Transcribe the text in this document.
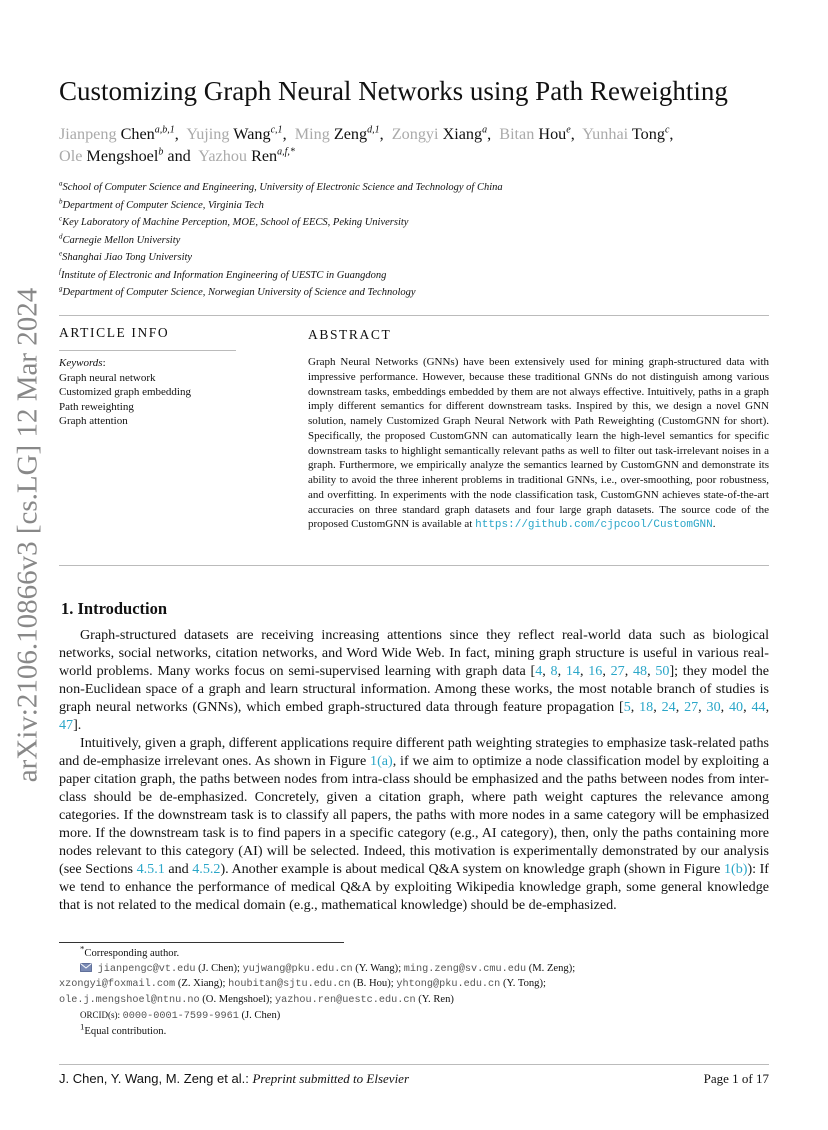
arXiv:2106.10866v3 [cs.LG] 12 Mar 2024
Customizing Graph Neural Networks using Path Reweighting
Jianpeng Chen$^{a,b,1}$, Yujing Wang$^{c,1}$, Ming Zeng$^{d,1}$, Zongyi Xiang$^a$, Bitan Hou$^e$, Yunhai Tong$^c$,
Ole Mengshoel$^b$ and Yazhou Ren$^{a,f,*}$
$^a$School of Computer Science and Engineering, University of Electronic Science and Technology of China
$^b$Department of Computer Science, Virginia Tech
$^c$Key Laboratory of Machine Perception, MOE, School of EECS, Peking University
$^d$Carnegie Mellon University
$^e$Shanghai Jiao Tong University
$^f$Institute of Electronic and Information Engineering of UESTC in Guangdong
$^g$Department of Computer Science, Norwegian University of Science and Technology
ARTICLE INFO
Keywords:
Graph neural network
Customized graph embedding
Path reweighting
Graph attention
ABSTRACT
Graph Neural Networks (GNNs) have been extensively used for mining graph-structured data with impressive performance. However, because these traditional GNNs do not distinguish among various downstream tasks, embeddings embedded by them are not always effective. Intuitively, paths in a graph imply different semantics for different downstream tasks. Inspired by this, we design a novel GNN solution, namely Customized Graph Neural Network with Path Reweighting (CustomGNN for short). Specifically, the proposed CustomGNN can automatically learn the high-level semantics for specific downstream tasks to highlight semantically relevant paths as well to filter out task-irrelevant noises in a graph. Furthermore, we empirically analyze the semantics learned by CustomGNN and demonstrate its ability to avoid the three inherent problems in traditional GNNs, i.e., over-smoothing, poor robustness, and overfitting. In experiments with the node classification task, CustomGNN achieves state-of-the-art accuracies on three standard graph datasets and four large graph datasets. The source code of the proposed CustomGNN is available at https://github.com/cjpcool/CustomGNN.
1. Introduction

Graph-structured datasets are receiving increasing attentions since they reflect real-world data such as biological networks, social networks, citation networks, and Word Wide Web. In fact, mining graph structure is useful in various real-world problems. Many works focus on semi-supervised learning with graph data [4, 8, 14, 16, 27, 48, 50]; they model the non-Euclidean space of a graph and learn structural information. Among these works, the most notable branch of studies is graph neural networks (GNNs), which embed graph-structured data through feature propagation [5, 18, 24, 27, 30, 40, 44, 47].

Intuitively, given a graph, different applications require different path weighting strategies to emphasize task-related paths and de-emphasize irrelevant ones. As shown in Figure 1(a), if we aim to optimize a node classification model by exploiting a paper citation graph, the paths between nodes from intra-class should be emphasized and the paths between nodes from inter-class should be de-emphasized. Concretely, given a citation graph, where path weight captures the relevance among categories. If the downstream task is to classify all papers, the paths with more nodes in a same category will be emphasized more. If the downstream task is to find papers in a specific category (e.g., AI category), then, only the paths containing more nodes relevant to this category (AI) will be selected. Indeed, this motivation is experimentally demonstrated by our analysis (see Sections 4.5.1 and 4.5.2). Another example is about medical Q&A system on knowledge graph (shown in Figure 1(b)): If we tend to enhance the performance of medical Q&A by exploiting Wikipedia knowledge graph, some general knowledge that is not related to the medical domain (e.g., mathematical knowledge) should be de-emphasized.

*Corresponding author.
jianpengc@vt.edu (J. Chen); yujwang@pku.edu.cn (Y. Wang); ming.zeng@sv.cmu.edu (M. Zeng);
xzongyi@foxmail.com (Z. Xiang); houbitan@sjtu.edu.cn (B. Hou); yhtong@pku.edu.cn (Y. Tong);
ole.j.mengshoel@ntnu.no (O. Mengshoel); yazhou.ren@uestc.edu.cn (Y. Ren)
ORCID(s): 0000-0001-7599-9961 (J. Chen)
$^1$Equal contribution.
J. Chen, Y. Wang, M. Zeng et al.: Preprint submitted to Elsevier	Page 1 of 17
